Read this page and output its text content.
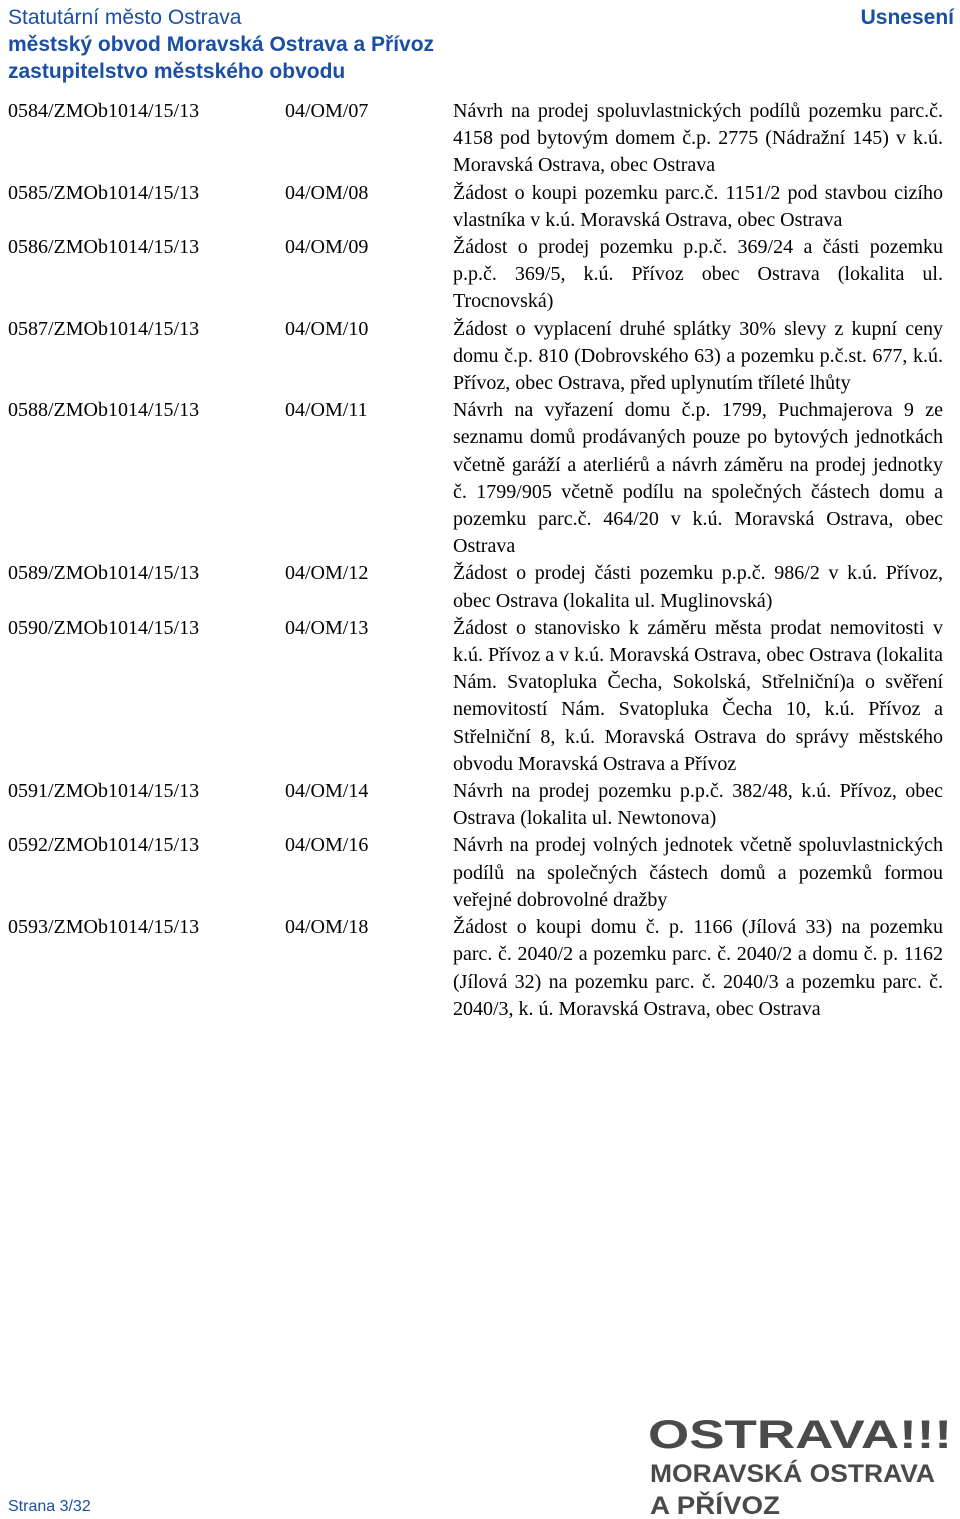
Statutární město Ostrava
městský obvod Moravská Ostrava a Přívoz
zastupitelstvo městského obvodu
Usnesení
0584/ZMOb1014/15/13	04/OM/07	Návrh na prodej spoluvlastnických podílů pozemku parc.č. 4158 pod bytovým domem č.p. 2775 (Nádražní 145) v k.ú. Moravská Ostrava, obec Ostrava
0585/ZMOb1014/15/13	04/OM/08	Žádost o koupi pozemku parc.č. 1151/2 pod stavbou cizího vlastníka v k.ú. Moravská Ostrava, obec Ostrava
0586/ZMOb1014/15/13	04/OM/09	Žádost o prodej pozemku p.p.č. 369/24 a části pozemku p.p.č. 369/5, k.ú. Přívoz obec Ostrava (lokalita ul. Trocnovská)
0587/ZMOb1014/15/13	04/OM/10	Žádost o vyplacení druhé splátky 30% slevy z kupní ceny domu č.p. 810 (Dobrovského 63) a pozemku p.č.st. 677, k.ú. Přívoz, obec Ostrava, před uplynutím tříleté lhůty
0588/ZMOb1014/15/13	04/OM/11	Návrh na vyřazení domu č.p. 1799, Puchmajerova 9 ze seznamu domů prodávaných pouze po bytových jednotkách včetně garáží a aterliérů a návrh záměru na prodej jednotky č. 1799/905 včetně podílu na společných částech domu a pozemku parc.č. 464/20 v k.ú. Moravská Ostrava, obec Ostrava
0589/ZMOb1014/15/13	04/OM/12	Žádost o prodej části pozemku p.p.č. 986/2 v k.ú. Přívoz, obec Ostrava (lokalita ul. Muglinovská)
0590/ZMOb1014/15/13	04/OM/13	Žádost o stanovisko k záměru města prodat nemovitosti v k.ú. Přívoz a v k.ú. Moravská Ostrava, obec Ostrava (lokalita Nám. Svatopluka Čecha, Sokolská, Střelniční)a o svěření nemovitostí Nám. Svatopluka Čecha 10, k.ú. Přívoz a Střelniční 8, k.ú. Moravská Ostrava do správy městského obvodu Moravská Ostrava a Přívoz
0591/ZMOb1014/15/13	04/OM/14	Návrh na prodej pozemku p.p.č. 382/48, k.ú. Přívoz, obec Ostrava (lokalita ul. Newtonova)
0592/ZMOb1014/15/13	04/OM/16	Návrh na prodej volných jednotek včetně spoluvlastnických podílů na společných částech domů a pozemků formou veřejné dobrovolné dražby
0593/ZMOb1014/15/13	04/OM/18	Žádost o koupi domu č. p. 1166 (Jílová 33) na pozemku parc. č. 2040/2 a pozemku parc. č. 2040/2 a domu č. p. 1162 (Jílová 32) na pozemku parc. č. 2040/3 a pozemku parc. č. 2040/3, k. ú. Moravská Ostrava, obec Ostrava
Strana 3/32
OSTRAVA!!!
MORAVSKÁ OSTRAVA
A PŘÍVOZ
